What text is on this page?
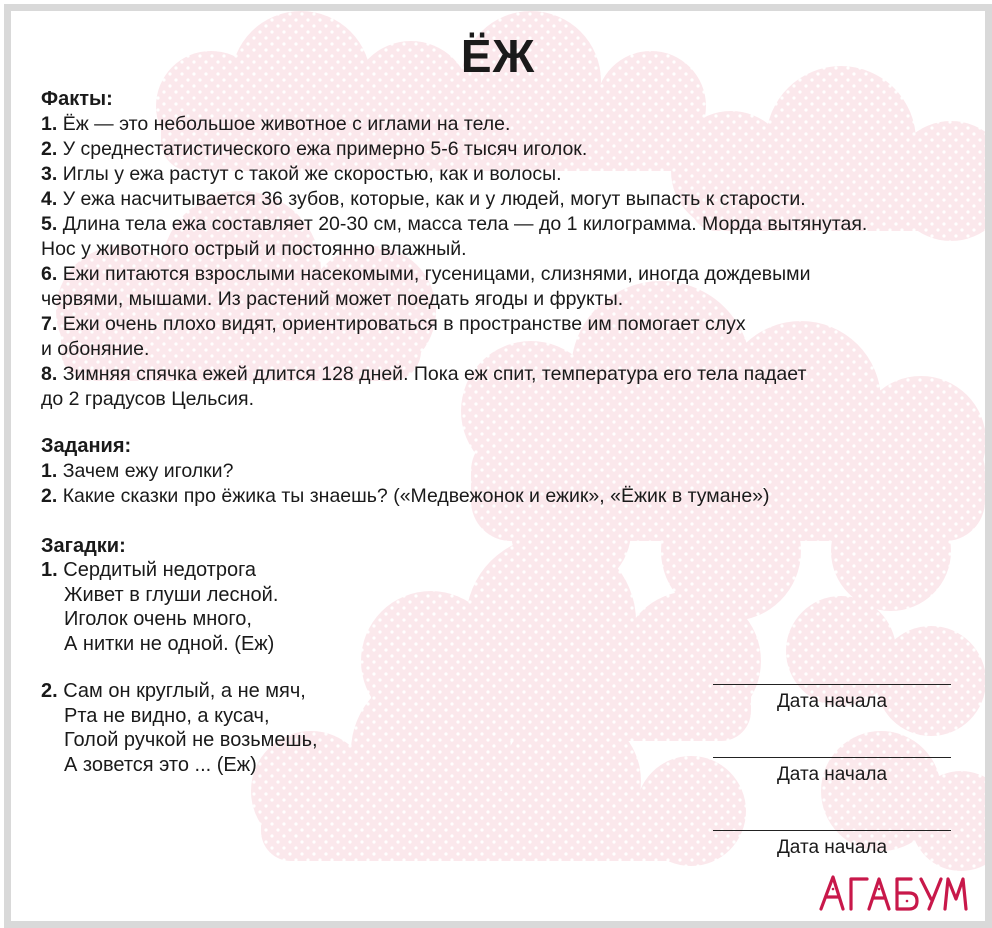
ЁЖ
Факты:
1. Ёж — это небольшое животное с иглами на теле.
2. У среднестатистического ежа примерно 5-6 тысяч иголок.
3. Иглы у ежа растут с такой же скоростью, как и волосы.
4. У ежа насчитывается 36 зубов, которые, как и у людей, могут выпасть к старости.
5. Длина тела ежа составляет 20-30 см, масса тела — до 1 килограмма. Морда вытянутая.
Нос у животного острый и постоянно влажный.
6. Ежи питаются взрослыми насекомыми, гусеницами, слизнями, иногда дождевыми
червями, мышами. Из растений может поедать ягоды и фрукты.
7. Ежи очень плохо видят, ориентироваться в пространстве им помогает слух
и обоняние.
8. Зимняя спячка ежей длится 128 дней. Пока еж спит, температура его тела падает
до 2 градусов Цельсия.
Задания:
1. Зачем ежу иголки?
2. Какие сказки про ёжика ты знаешь? («Медвежонок и ежик», «Ёжик в тумане»)
Загадки:
1. Сердитый недотрога
Живет в глуши лесной.
Иголок очень много,
А нитки не одной. (Еж)
2. Сам он круглый, а не мяч,
Рта не видно, а кусач,
Голой ручкой не возьмешь,
А зовется это ... (Еж)
Дата начала
Дата начала
Дата начала
